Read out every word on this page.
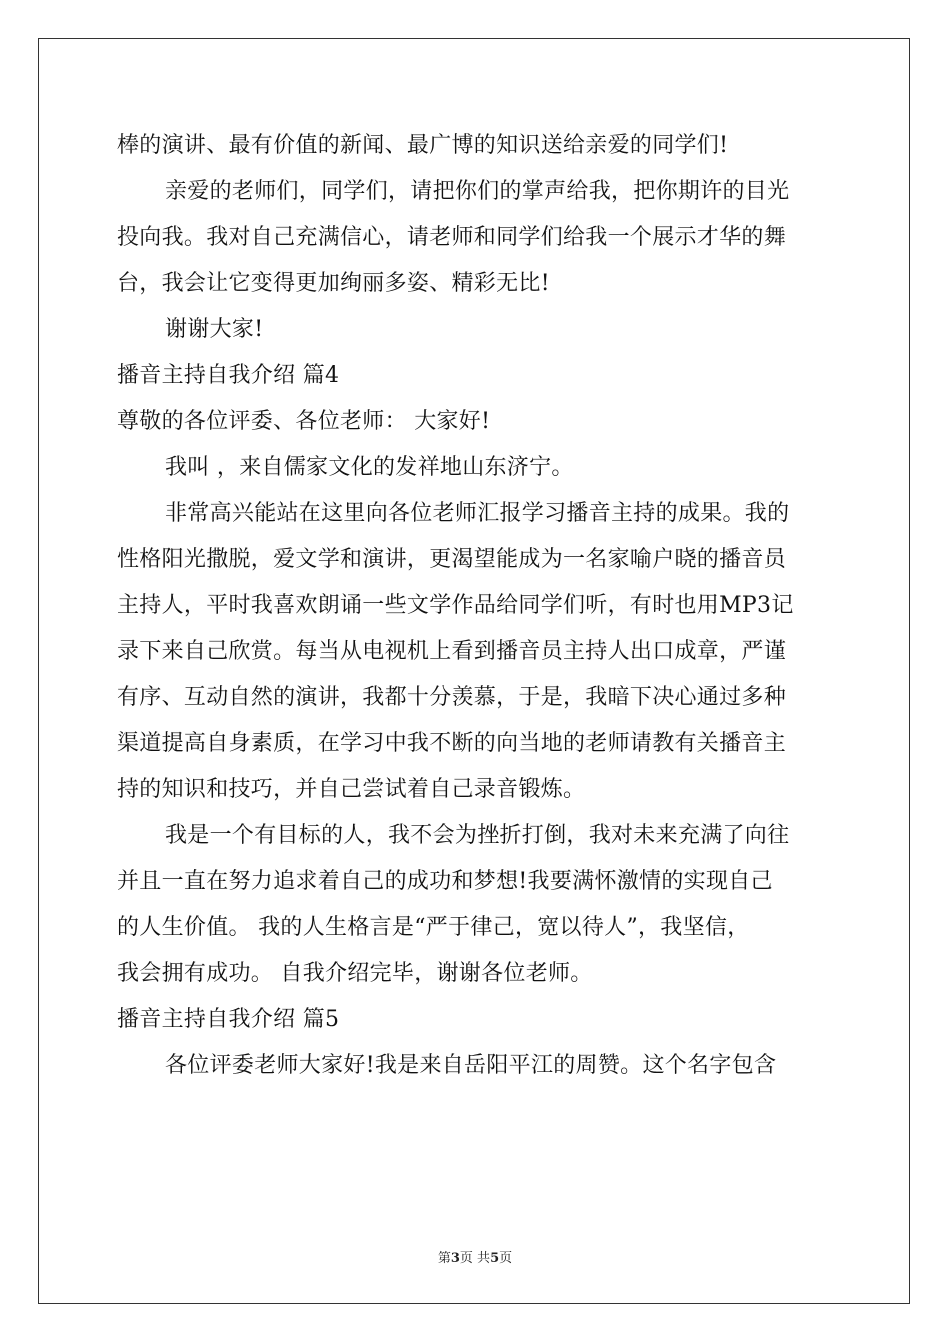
棒的演讲、最有价值的新闻、最广博的知识送给亲爱的同学们!
亲爱的老师们，同学们，请把你们的掌声给我，把你期许的目光
投向我。我对自己充满信心，请老师和同学们给我一个展示才华的舞
台，我会让它变得更加绚丽多姿、精彩无比!
谢谢大家!
播音主持自我介绍 篇4
尊敬的各位评委、各位老师： 大家好!
我叫 ，来自儒家文化的发祥地山东济宁。
非常高兴能站在这里向各位老师汇报学习播音主持的成果。我的
性格阳光撒脱，爱文学和演讲，更渴望能成为一名家喻户晓的播音员
主持人，平时我喜欢朗诵一些文学作品给同学们听，有时也用MP3记
录下来自己欣赏。每当从电视机上看到播音员主持人出口成章，严谨
有序、互动自然的演讲，我都十分羡慕，于是，我暗下决心通过多种
渠道提高自身素质，在学习中我不断的向当地的老师请教有关播音主
持的知识和技巧，并自己尝试着自己录音锻炼。
我是一个有目标的人，我不会为挫折打倒，我对未来充满了向往
并且一直在努力追求着自己的成功和梦想!我要满怀激情的实现自己
的人生价值。 我的人生格言是“严于律己，宽以待人”，我坚信，
我会拥有成功。 自我介绍完毕，谢谢各位老师。
播音主持自我介绍 篇5
各位评委老师大家好!我是来自岳阳平江的周赞。这个名字包含
第3页 共5页
